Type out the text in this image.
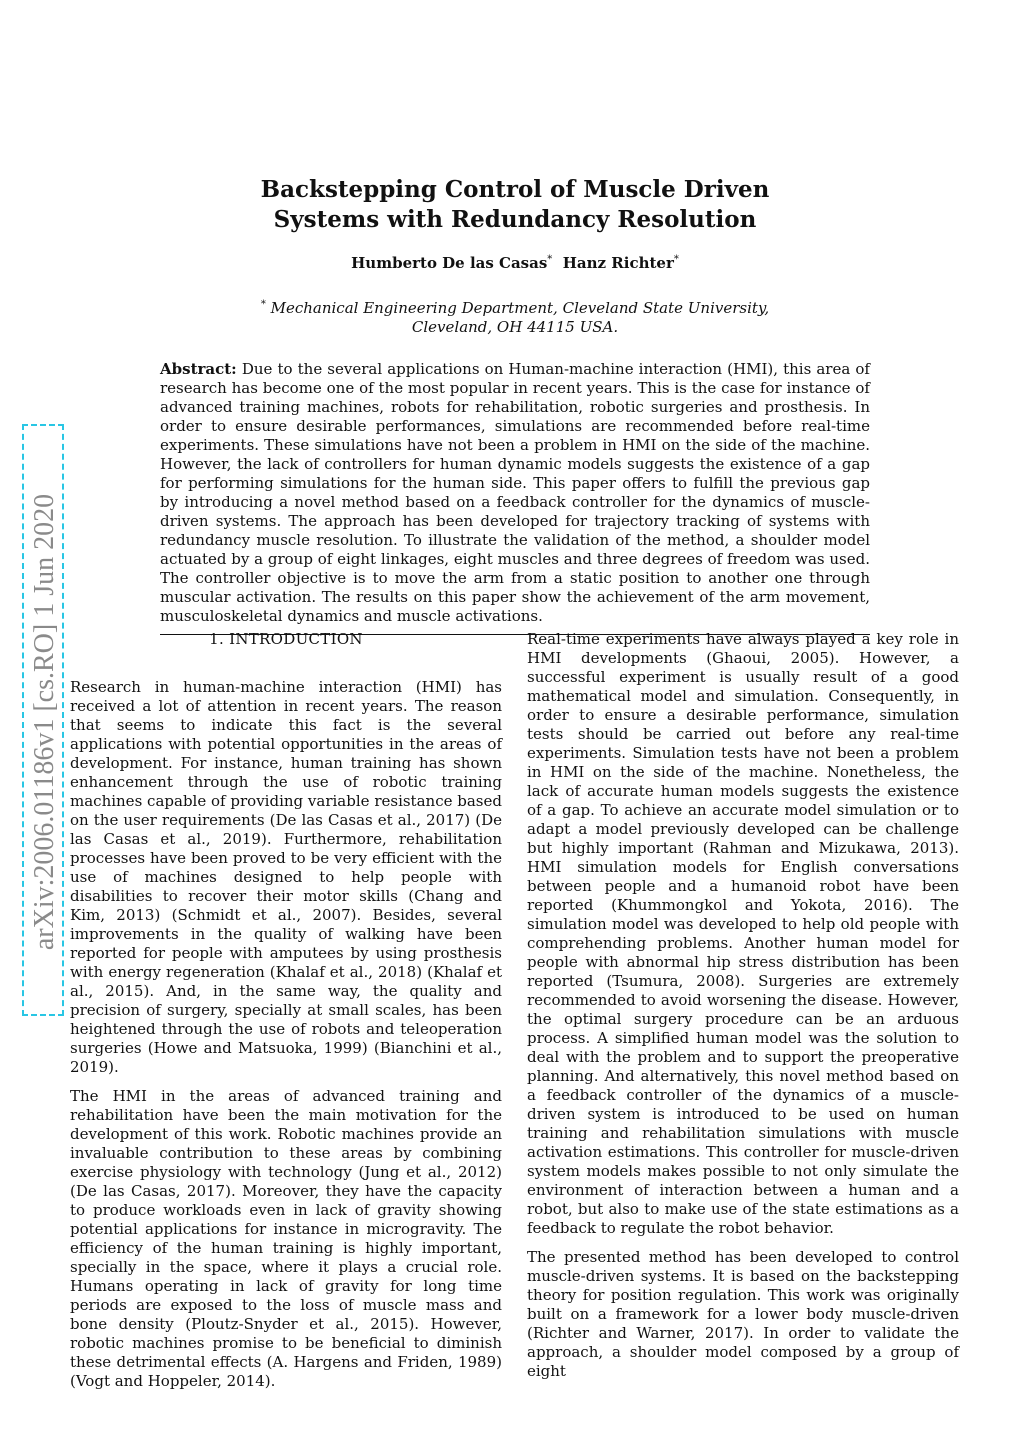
arXiv:2006.01186v1 [cs.RO] 1 Jun 2020
Backstepping Control of Muscle Driven
Systems with Redundancy Resolution
Humberto De las Casas* Hanz Richter*
* Mechanical Engineering Department, Cleveland State University,
Cleveland, OH 44115 USA.
Abstract: Due to the several applications on Human-machine interaction (HMI), this area of research has become one of the most popular in recent years. This is the case for instance of advanced training machines, robots for rehabilitation, robotic surgeries and prosthesis. In order to ensure desirable performances, simulations are recommended before real-time experiments. These simulations have not been a problem in HMI on the side of the machine. However, the lack of controllers for human dynamic models suggests the existence of a gap for performing simulations for the human side. This paper offers to fulfill the previous gap by introducing a novel method based on a feedback controller for the dynamics of muscle-driven systems. The approach has been developed for trajectory tracking of systems with redundancy muscle resolution. To illustrate the validation of the method, a shoulder model actuated by a group of eight linkages, eight muscles and three degrees of freedom was used. The controller objective is to move the arm from a static position to another one through muscular activation. The results on this paper show the achievement of the arm movement, musculoskeletal dynamics and muscle activations.
1. INTRODUCTION

Research in human-machine interaction (HMI) has received a lot of attention in recent years. The reason that seems to indicate this fact is the several applications with potential opportunities in the areas of development. For instance, human training has shown enhancement through the use of robotic training machines capable of providing variable resistance based on the user requirements (De las Casas et al., 2017) (De las Casas et al., 2019). Furthermore, rehabilitation processes have been proved to be very efficient with the use of machines designed to help people with disabilities to recover their motor skills (Chang and Kim, 2013) (Schmidt et al., 2007). Besides, several improvements in the quality of walking have been reported for people with amputees by using prosthesis with energy regeneration (Khalaf et al., 2018) (Khalaf et al., 2015). And, in the same way, the quality and precision of surgery, specially at small scales, has been heightened through the use of robots and teleoperation surgeries (Howe and Matsuoka, 1999) (Bianchini et al., 2019).

The HMI in the areas of advanced training and rehabilitation have been the main motivation for the development of this work. Robotic machines provide an invaluable contribution to these areas by combining exercise physiology with technology (Jung et al., 2012) (De las Casas, 2017). Moreover, they have the capacity to produce workloads even in lack of gravity showing potential applications for instance in microgravity. The efficiency of the human training is highly important, specially in the space, where it plays a crucial role. Humans operating in lack of gravity for long time periods are exposed to the loss of muscle mass and bone density (Ploutz-Snyder et al., 2015). However, robotic machines promise to be beneficial to diminish these detrimental effects (A. Hargens and Friden, 1989) (Vogt and Hoppeler, 2014).

Real-time experiments have always played a key role in HMI developments (Ghaoui, 2005). However, a successful experiment is usually result of a good mathematical model and simulation. Consequently, in order to ensure a desirable performance, simulation tests should be carried out before any real-time experiments. Simulation tests have not been a problem in HMI on the side of the machine. Nonetheless, the lack of accurate human models suggests the existence of a gap. To achieve an accurate model simulation or to adapt a model previously developed can be challenge but highly important (Rahman and Mizukawa, 2013). HMI simulation models for English conversations between people and a humanoid robot have been reported (Khummongkol and Yokota, 2016). The simulation model was developed to help old people with comprehending problems. Another human model for people with abnormal hip stress distribution has been reported (Tsumura, 2008). Surgeries are extremely recommended to avoid worsening the disease. However, the optimal surgery procedure can be an arduous process. A simplified human model was the solution to deal with the problem and to support the preoperative planning. And alternatively, this novel method based on a feedback controller of the dynamics of a muscle-driven system is introduced to be used on human training and rehabilitation simulations with muscle activation estimations. This controller for muscle-driven system models makes possible to not only simulate the environment of interaction between a human and a robot, but also to make use of the state estimations as a feedback to regulate the robot behavior.

The presented method has been developed to control muscle-driven systems. It is based on the backstepping theory for position regulation. This work was originally built on a framework for a lower body muscle-driven (Richter and Warner, 2017). In order to validate the approach, a shoulder model composed by a group of eight
